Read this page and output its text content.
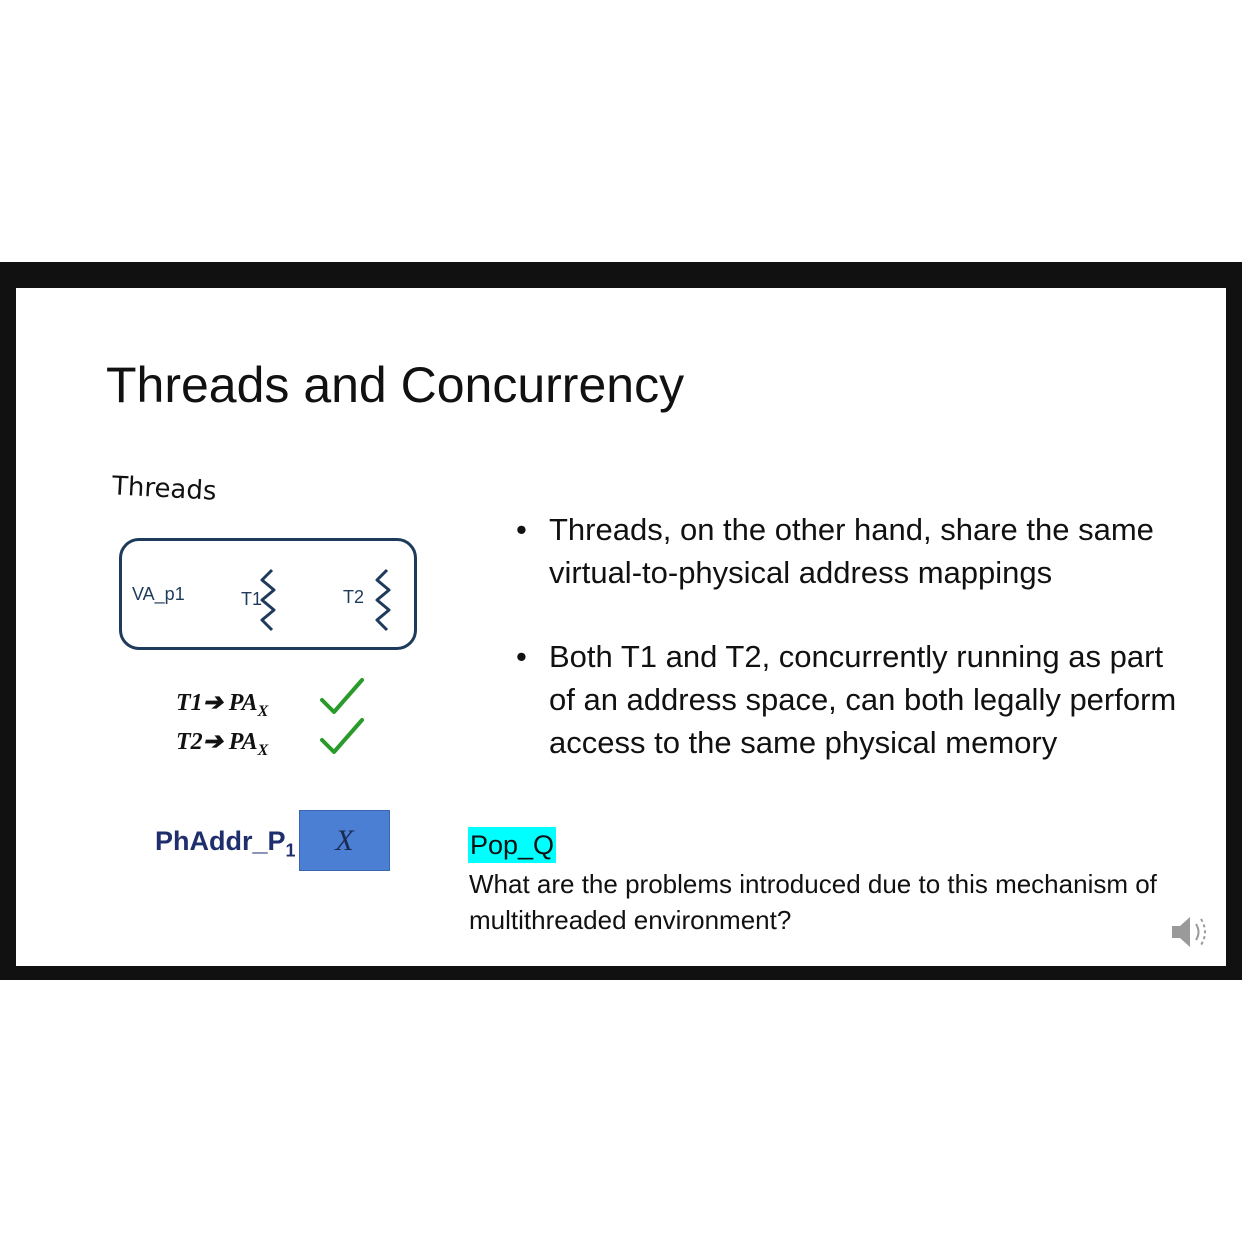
Threads and Concurrency
Threads
VA_p1	T1	T2
T1➔ $PA_X$
T2➔ $PA_X$
$PhAddr\_P_1$	X
• Threads, on the other hand, share the same virtual-to-physical address mappings
• Both T1 and T2, concurrently running as part of an address space, can both legally perform access to the same physical memory
Pop_Q

What are the problems introduced due to this mechanism of multithreaded environment?
